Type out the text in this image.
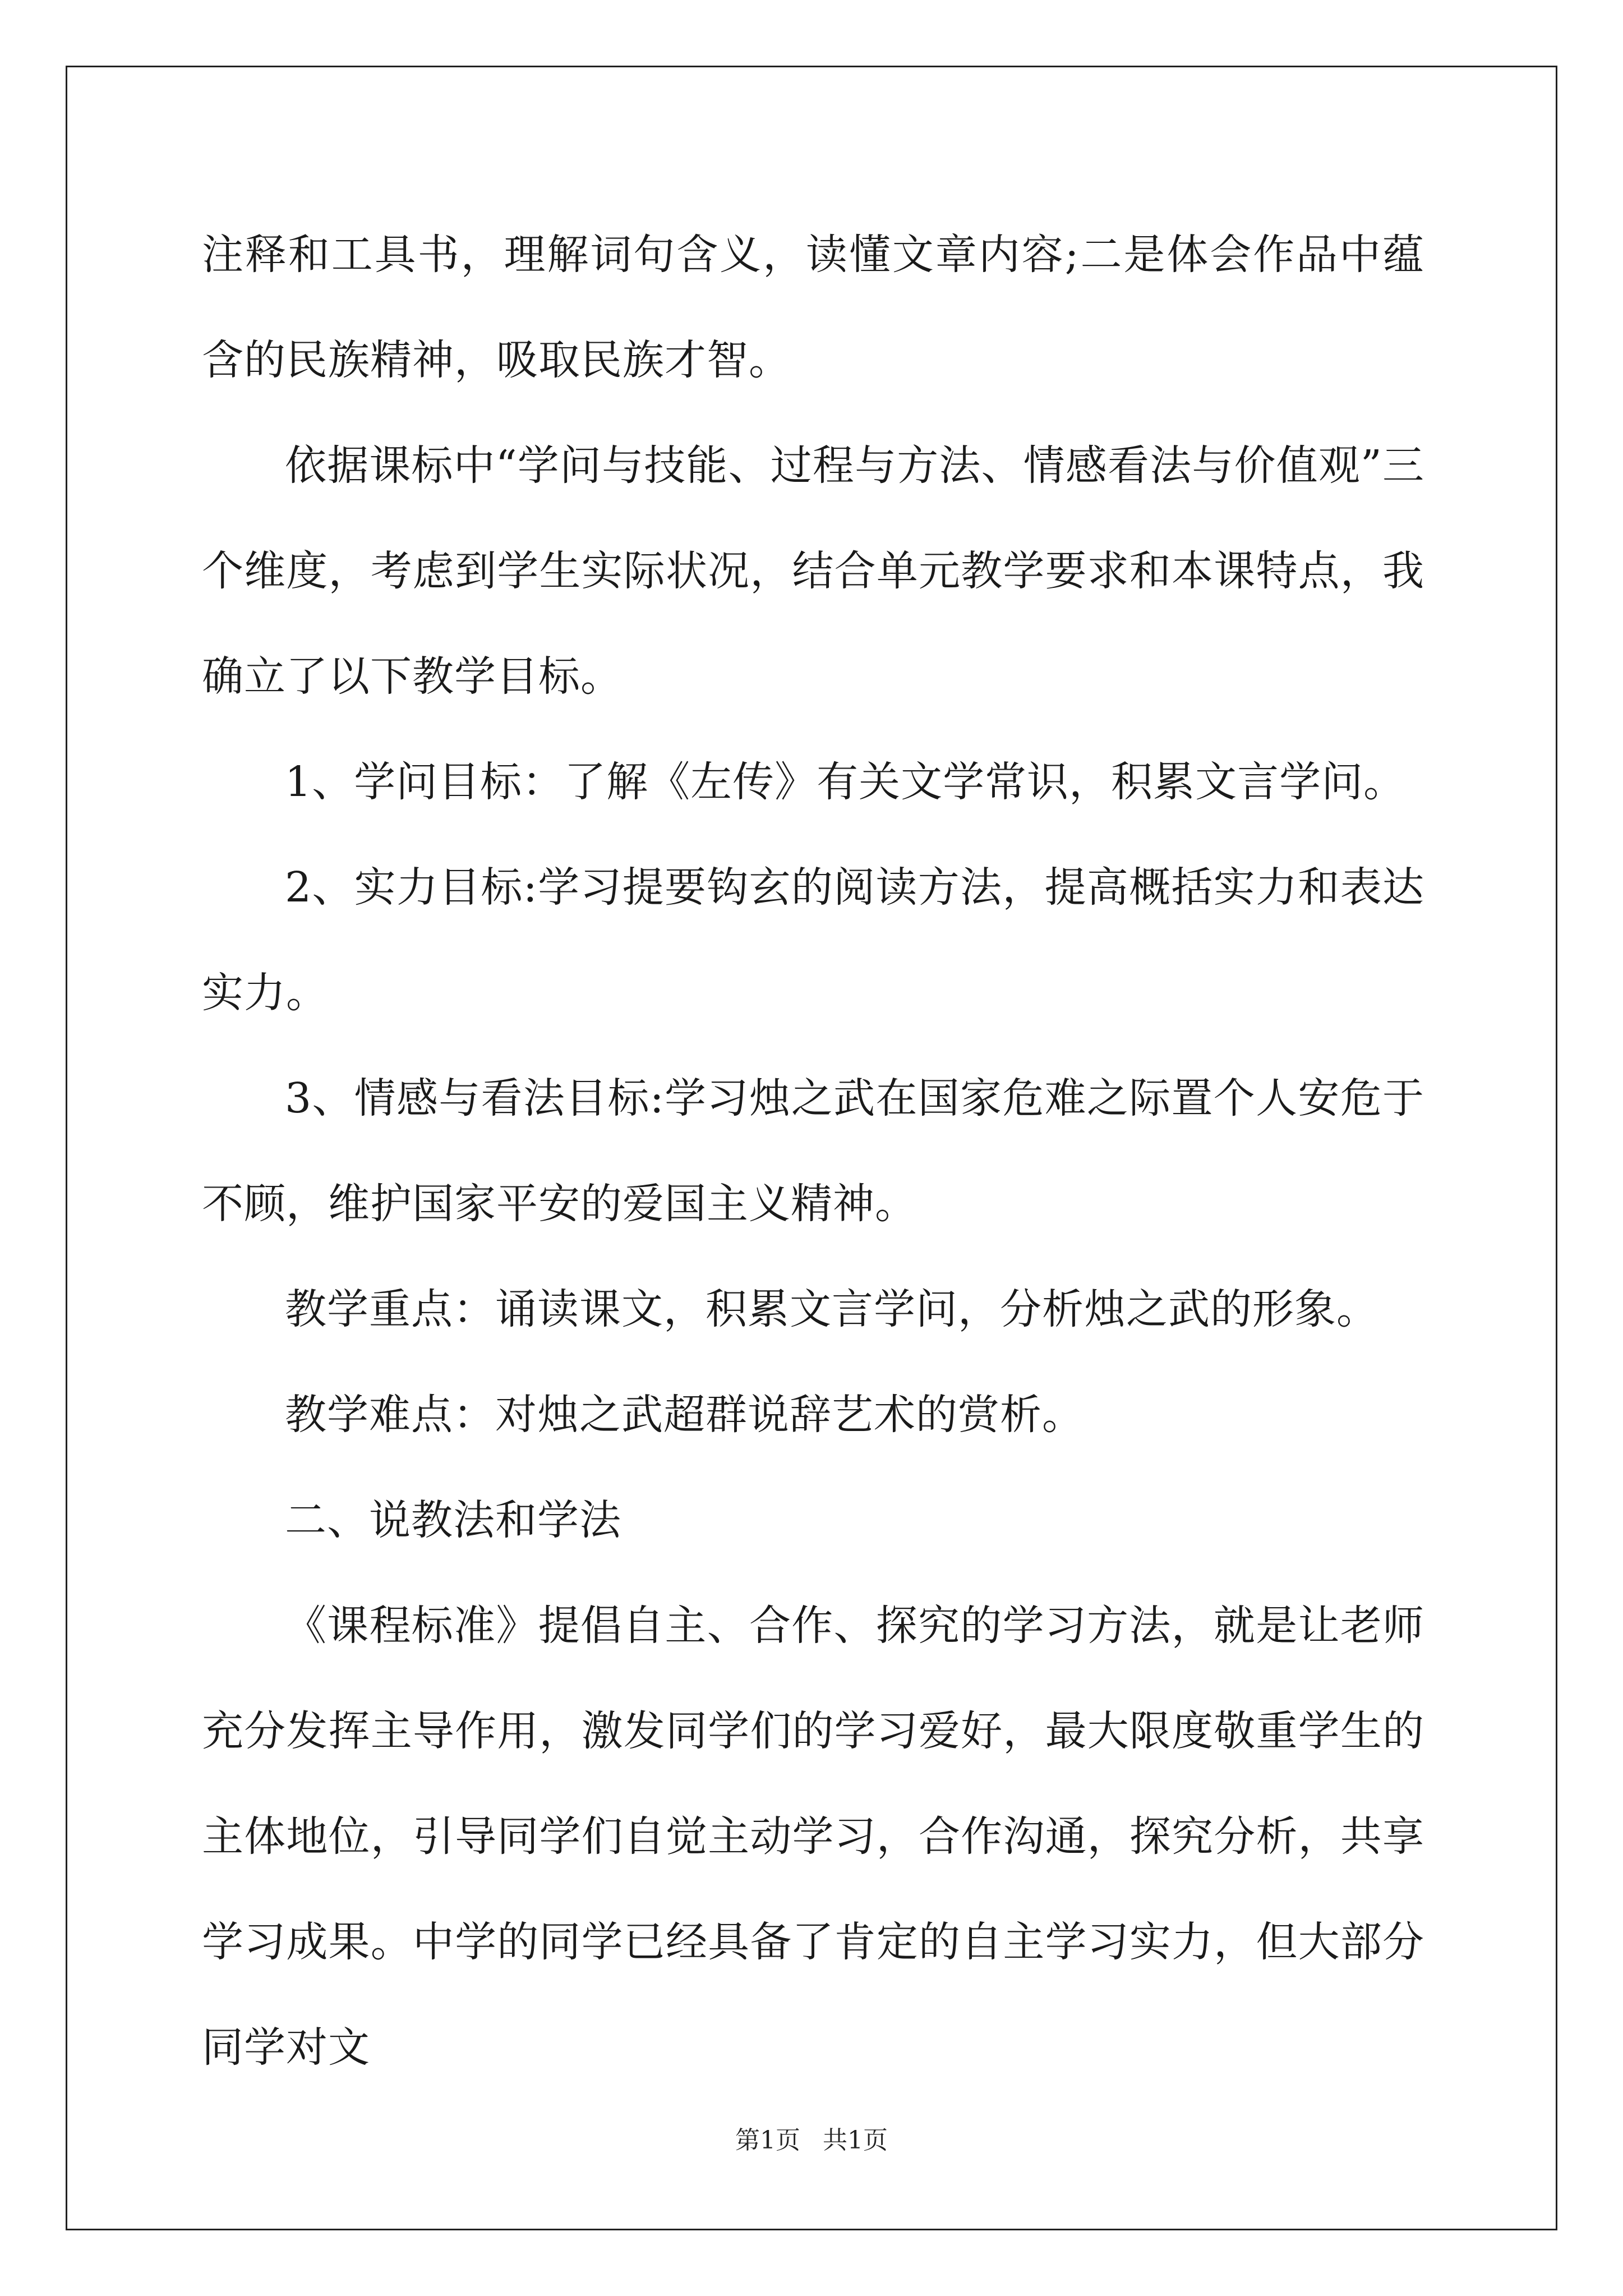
注释和工具书，理解词句含义，读懂文章内容;二是体会作品中蕴含的民族精神，吸取民族才智。

依据课标中“学问与技能、过程与方法、情感看法与价值观”三个维度，考虑到学生实际状况，结合单元教学要求和本课特点，我确立了以下教学目标。

1、学问目标：了解《左传》有关文学常识，积累文言学问。

2、实力目标:学习提要钩玄的阅读方法，提高概括实力和表达实力。

3、情感与看法目标:学习烛之武在国家危难之际置个人安危于不顾，维护国家平安的爱国主义精神。

教学重点：诵读课文，积累文言学问，分析烛之武的形象。

教学难点：对烛之武超群说辞艺术的赏析。

二、说教法和学法

《课程标准》提倡自主、合作、探究的学习方法，就是让老师充分发挥主导作用，激发同学们的学习爱好，最大限度敬重学生的主体地位，引导同学们自觉主动学习，合作沟通，探究分析，共享学习成果。中学的同学已经具备了肯定的自主学习实力，但大部分同学对文

第1页 共1页
